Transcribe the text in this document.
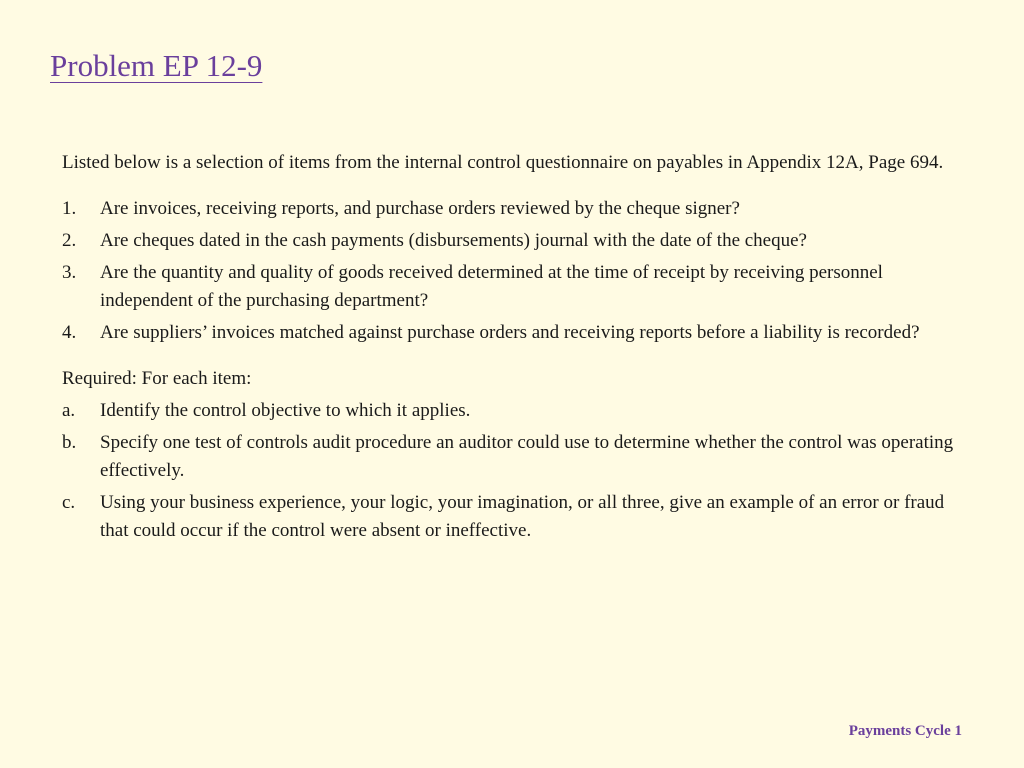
Problem EP 12-9

Listed below is a selection of items from the internal control questionnaire on payables in Appendix 12A, Page 694.

1.	Are invoices, receiving reports, and purchase orders reviewed by the cheque signer?
2.	Are cheques dated in the cash payments (disbursements) journal with the date of the cheque?
3.	Are the quantity and quality of goods received determined at the time of receipt by receiving personnel independent of the purchasing department?
4.	Are suppliers’ invoices matched against purchase orders and receiving reports before a liability is recorded?

Required: For each item:

a.	Identify the control objective to which it applies.
b.	Specify one test of controls audit procedure an auditor could use to determine whether the control was operating effectively.
c.	Using your business experience, your logic, your imagination, or all three, give an example of an error or fraud that could occur if the control were absent or ineffective.
Payments Cycle 1
